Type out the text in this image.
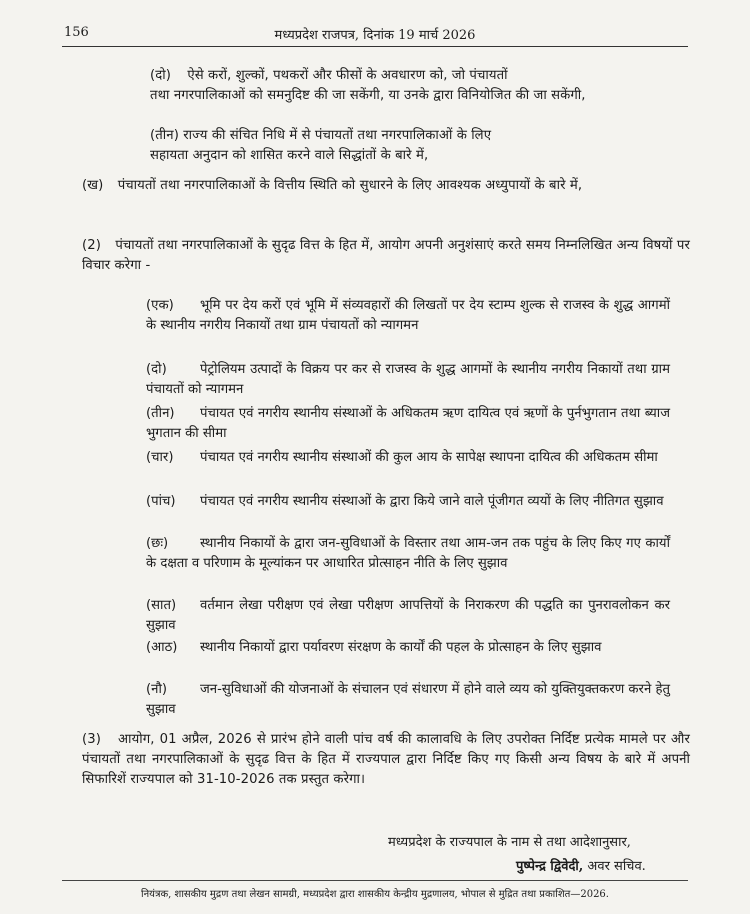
156	मध्यप्रदेश राजपत्र, दिनांक 19 मार्च 2026
(दो) ऐसे करों, शुल्कों, पथकरों और फीसों के अवधारण को, जो पंचायतों
तथा नगरपालिकाओं को समनुदिष्ट की जा सकेंगी, या उनके द्वारा विनियोजित की जा सकेंगी,
(तीन) राज्य की संचित निधि में से पंचायतों तथा नगरपालिकाओं के लिए
सहायता अनुदान को शासित करने वाले सिद्धांतों के बारे में,
(ख) पंचायतों तथा नगरपालिकाओं के वित्तीय स्थिति को सुधारने के लिए आवश्यक अध्युपायों के बारे में,
(2) पंचायतों तथा नगरपालिकाओं के सुदृढ वित्त के हित में, आयोग अपनी अनुशंसाएं करते समय निम्नलिखित अन्य विषयों पर विचार करेगा -
(एक) भूमि पर देय करों एवं भूमि में संव्यवहारों की लिखतों पर देय स्टाम्प शुल्क से राजस्व के शुद्ध आगमों के स्थानीय नगरीय निकायों तथा ग्राम पंचायतों को न्यागमन
(दो)	पेट्रोलियम उत्पादों के विक्रय पर कर से राजस्व के शुद्ध आगमों के स्थानीय नगरीय निकायों तथा ग्राम पंचायतों को न्यागमन
(तीन) पंचायत एवं नगरीय स्थानीय संस्थाओं के अधिकतम ऋण दायित्व एवं ऋणों के पुर्नभुगतान तथा ब्याज भुगतान की सीमा
(चार) पंचायत एवं नगरीय स्थानीय संस्थाओं की कुल आय के सापेक्ष स्थापना दायित्व की अधिकतम सीमा
(पांच) पंचायत एवं नगरीय स्थानीय संस्थाओं के द्वारा किये जाने वाले पूंजीगत व्ययों के लिए नीतिगत सुझाव
(छः) स्थानीय निकायों के द्वारा जन-सुविधाओं के विस्तार तथा आम-जन तक पहुंच के लिए किए गए कार्यों के दक्षता व परिणाम के मूल्यांकन पर आधारित प्रोत्साहन नीति के लिए सुझाव
(सात) वर्तमान लेखा परीक्षण एवं लेखा परीक्षण आपत्तियों के निराकरण की पद्धति का पुनरावलोकन कर सुझाव
(आठ) स्थानीय निकायों द्वारा पर्यावरण संरक्षण के कार्यों की पहल के प्रोत्साहन के लिए सुझाव
(नौ) जन-सुविधाओं की योजनाओं के संचालन एवं संधारण में होने वाले व्यय को युक्तियुक्तकरण करने हेतु सुझाव
(3) आयोग, 01 अप्रैल, 2026 से प्रारंभ होने वाली पांच वर्ष की कालावधि के लिए उपरोक्त निर्दिष्ट प्रत्येक मामले पर और पंचायतों तथा नगरपालिकाओं के सुदृढ वित्त के हित में राज्यपाल द्वारा निर्दिष्ट किए गए किसी अन्य विषय के बारे में अपनी सिफारिशें राज्यपाल को 31-10-2026 तक प्रस्तुत करेगा।
मध्यप्रदेश के राज्यपाल के नाम से तथा आदेशानुसार,
पुष्पेन्द्र द्विवेदी, अवर सचिव.
नियंत्रक, शासकीय मुद्रण तथा लेखन सामग्री, मध्यप्रदेश द्वारा शासकीय केन्द्रीय मुद्रणालय, भोपाल से मुद्रित तथा प्रकाशित—2026.
